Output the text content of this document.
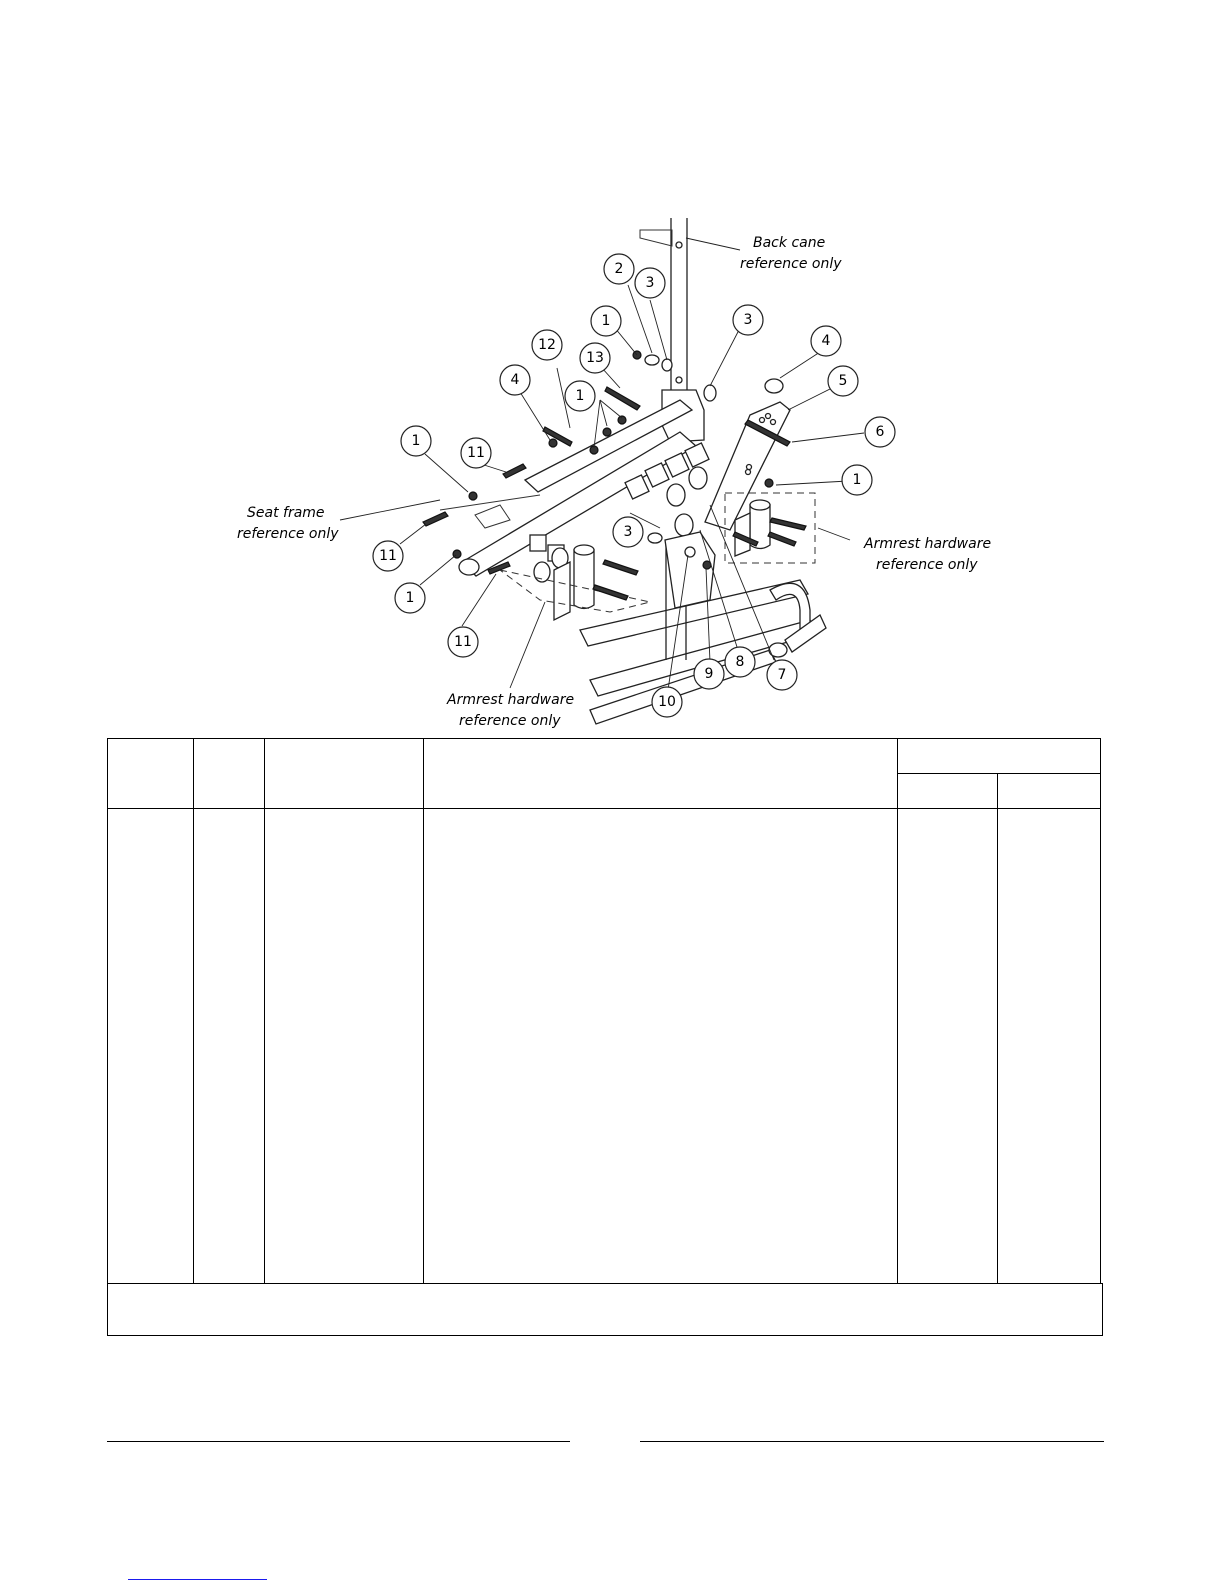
2
3
3
1
12
13
4
4	5
1
6
1
11
1
3
11
1
11
8
9	7
10
Back cane
reference only
Seat frame
reference only
Armrest hardware
reference only
Armrest hardware
reference only
